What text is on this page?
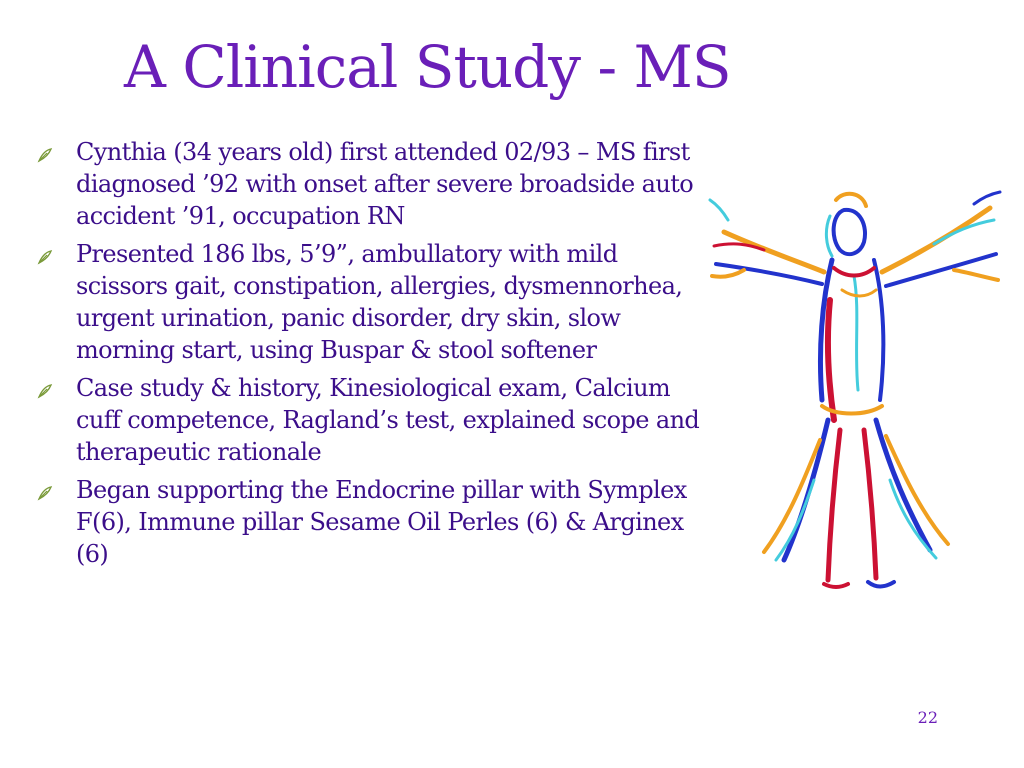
A Clinical Study - MS
Cynthia (34 years old) first attended 02/93 – MS first diagnosed ’92 with onset after severe broadside auto accident ’91, occupation RN
Presented 186 lbs, 5’9”, ambullatory with mild scissors gait, constipation, allergies, dysmennorhea, urgent urination, panic disorder, dry skin, slow morning start, using Buspar & stool softener
Case study & history, Kinesiological exam, Calcium cuff competence, Ragland’s test, explained scope and therapeutic rationale
Began supporting the Endocrine pillar with Symplex F(6), Immune pillar Sesame Oil Perles (6) & Arginex (6)
22
